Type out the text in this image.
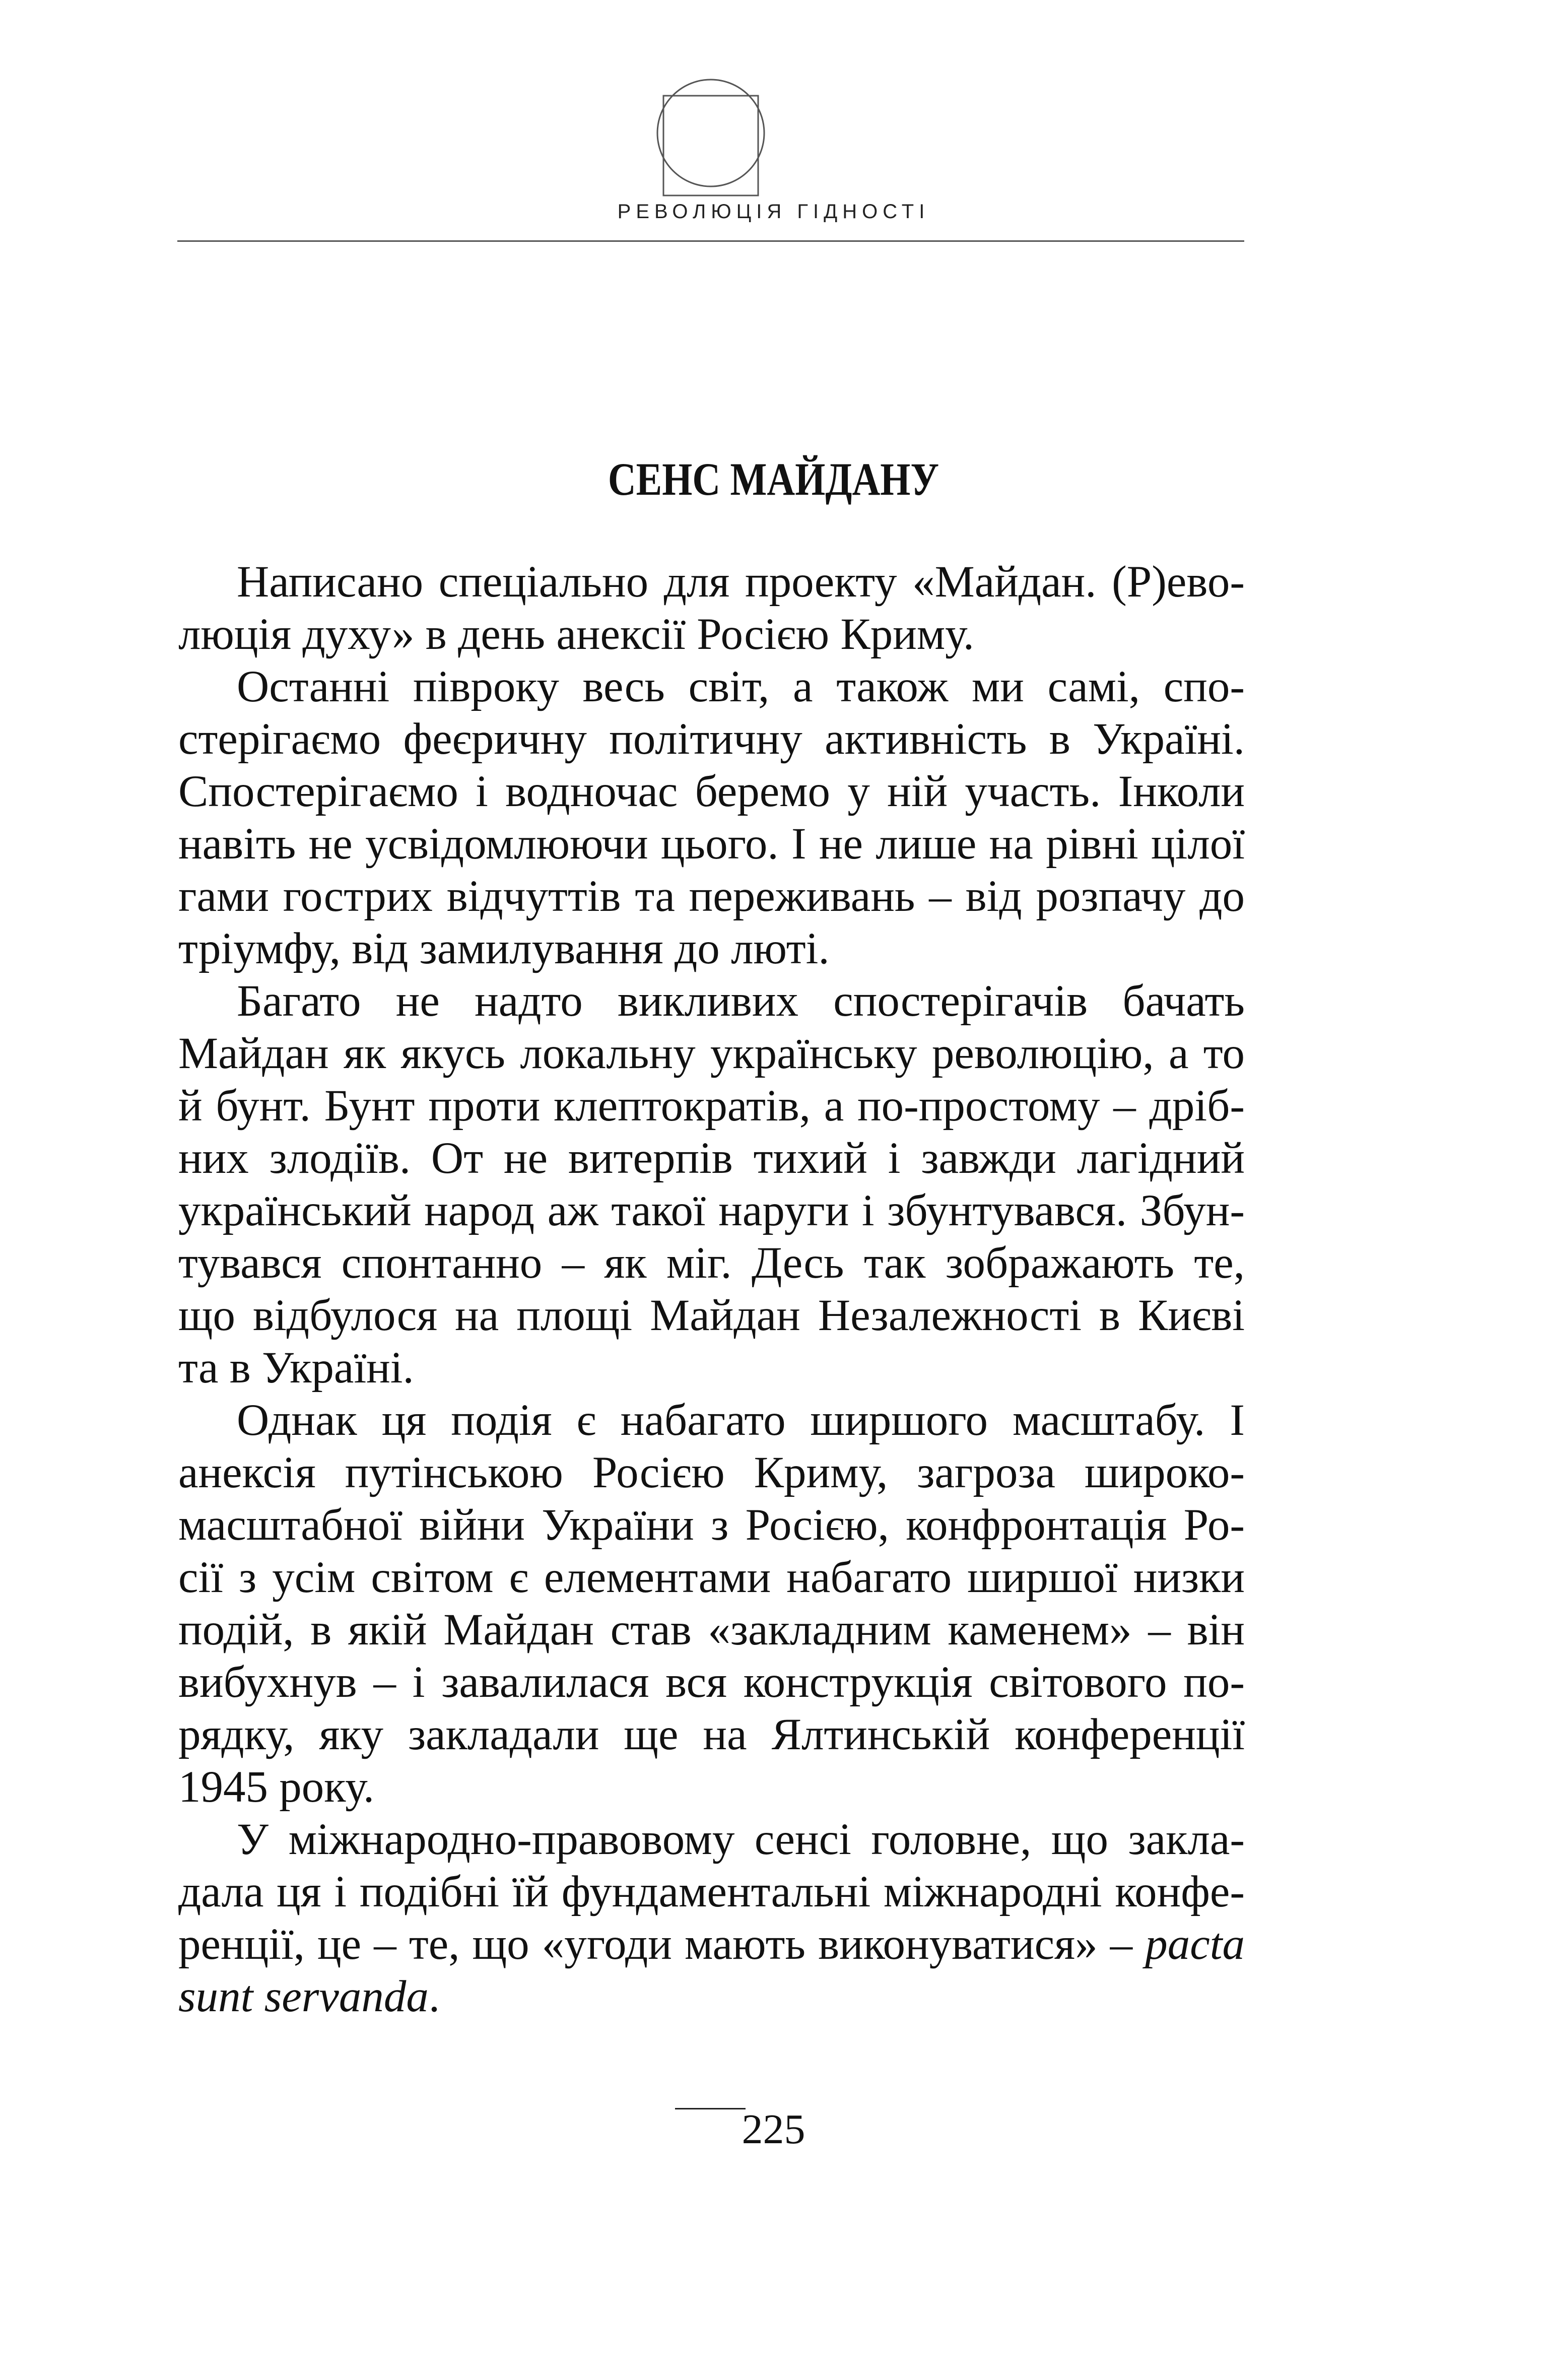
РЕВОЛЮЦІЯ ГІДНОСТІ
СЕНС МАЙДАНУ
Написано спеціально для проекту «Майдан. (Р)ево-
люція духу» в день анексії Росією Криму.
Останні півроку весь світ, а також ми самі, спо-
стерігаємо феєричну політичну активність в Україні.
Спостерігаємо і водночас беремо у ній участь. Інколи
навіть не усвідомлюючи цього. І не лише на рівні цілої
гами гострих відчуттів та переживань – від розпачу до
тріумфу, від замилування до люті.
Багато не надто викливих спостерігачів бачать
Майдан як якусь локальну українську революцію, а то
й бунт. Бунт проти клептократів, а по-простому – дріб-
них злодіїв. От не витерпів тихий і завжди лагідний
український народ аж такої наруги і збунтувався. Збун-
тувався спонтанно – як міг. Десь так зображають те,
що відбулося на площі Майдан Незалежності в Києві
та в Україні.
Однак ця подія є набагато ширшого масштабу. І
анексія путінською Росією Криму, загроза широко-
масштабної війни України з Росією, конфронтація Ро-
сії з усім світом є елементами набагато ширшої низки
подій, в якій Майдан став «закладним каменем» – він
вибухнув – і завалилася вся конструкція світового по-
рядку, яку закладали ще на Ялтинській конференції
1945 року.
У міжнародно-правовому сенсі головне, що закла-
дала ця і подібні їй фундаментальні міжнародні конфе-
ренції, це – те, що «угоди мають виконуватися» – pacta
sunt servanda.
225
